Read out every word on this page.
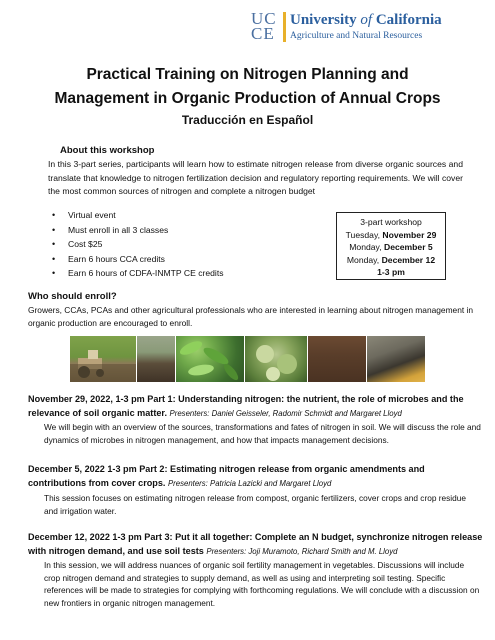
UC
CE
University of California
Agriculture and Natural Resources
Practical Training on Nitrogen Planning and
Management in Organic Production of Annual Crops
Traducción en Español
About this workshop
In this 3-part series, participants will learn how to estimate nitrogen release from diverse organic sources and translate that knowledge to nitrogen fertilization decision and regulatory reporting requirements. We will cover the most common sources of nitrogen and complete a nitrogen budget
• Virtual event
• Must enroll in all 3 classes
• Cost $25
• Earn 6 hours CCA credits
• Earn 6 hours of CDFA-INMTP CE credits
3-part workshop
Tuesday, November 29
Monday, December 5
Monday, December 12
1-3 pm
Who should enroll?
Growers, CCAs, PCAs and other agricultural professionals who are interested in learning about nitrogen management in organic production are encouraged to enroll.
November 29, 2022, 1-3 pm Part 1: Understanding nitrogen: the nutrient, the role of microbes and the relevance of soil organic matter. Presenters: Daniel Geisseler, Radomir Schmidt and Margaret Lloyd
We will begin with an overview of the sources, transformations and fates of nitrogen in soil. We will discuss the role and dynamics of microbes in nitrogen management, and how that impacts management decisions.
December 5, 2022 1-3 pm Part 2: Estimating nitrogen release from organic amendments and contributions from cover crops. Presenters: Patricia Lazicki and Margaret Lloyd
This session focuses on estimating nitrogen release from compost, organic fertilizers, cover crops and crop residue and irrigation water.
December 12, 2022 1-3 pm Part 3: Put it all together: Complete an N budget, synchronize nitrogen release with nitrogen demand, and use soil tests Presenters: Joji Muramoto, Richard Smith and M. Lloyd
In this session, we will address nuances of organic soil fertility management in vegetables. Discussions will include crop nitrogen demand and strategies to supply demand, as well as using and interpreting soil testing. Specific references will be made to strategies for complying with forthcoming regulations. We will conclude with a discussion on new frontiers in organic nitrogen management.
